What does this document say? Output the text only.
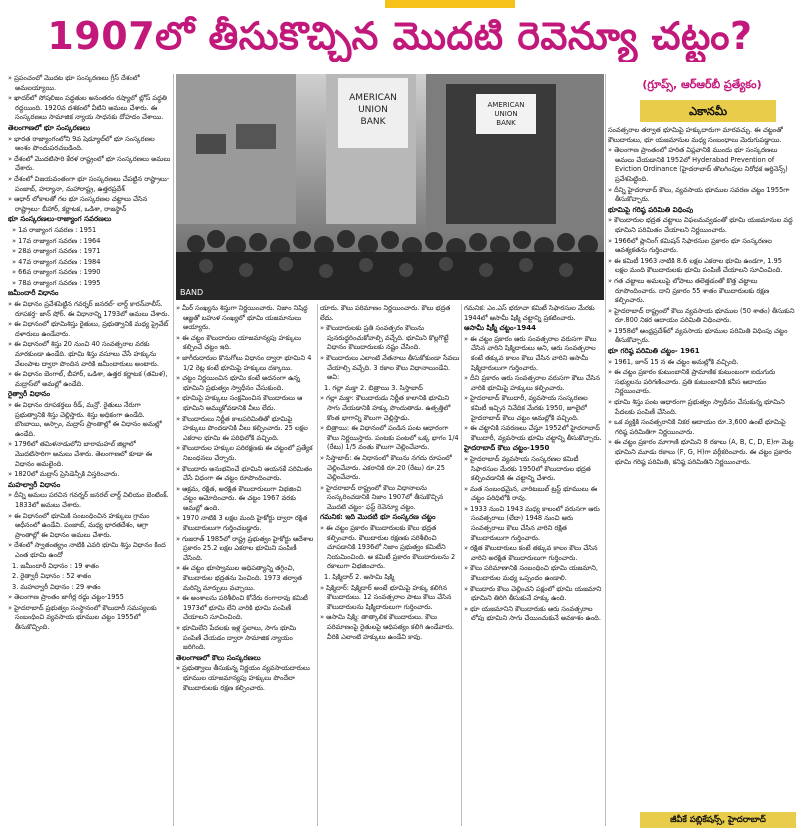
1907లో తీసుకొచ్చిన మొదటి రెవెన్యూ చట్టం?

» ప్రపంచంలో మొదట భూ సంస్కరణలు గ్రీస్ దేశంలో అమలయ్యాయి.

» ఖాదర్‌లో సోషలిజం పద్ధతుల అనంతరం రష్యాలో బ్లోస్ పద్ధతి రద్దయింది. 1920వ దశకంలో వీటిని అమలు చేశారు. ఈ సంస్కరణలు సామాజిక న్యాయ సాధనకు దోహదం చేశాయి.

తెలంగాణలో భూ సంస్కరణలు

» భారత రాజ్యాంగంలోని 9వ షెడ్యూల్‌లో భూ సంస్కరణల అంశం పొందుపరచబడింది.

» దేశంలో మొదటిసారి కేరళ రాష్ట్రంలో భూ సంస్కరణలు అమలు చేశారు.

» దేశంలో విజయవంతంగా భూ సంస్కరణలు చేపట్టిన రాష్ట్రాలు- పంజాబ్, హర్యానా, మహారాష్ట్ర, ఉత్తరప్రదేశ్

» ఆధార్ లోకాలతో గల భూ సంస్కరణల చట్టాలు చేసిన రాష్ట్రాలు- బీహార్, కర్ణాటక, ఒడిశా, రాజస్థాన్

భూ సంస్కరణలు-రాజ్యాంగ సవరణలు

» 1వ రాజ్యాంగ సవరణ : 1951

» 17వ రాజ్యాంగ సవరణ : 1964

» 28వ రాజ్యాంగ సవరణ : 1971

» 47వ రాజ్యాంగ సవరణ : 1984

» 66వ రాజ్యాంగ సవరణ : 1990

» 78వ రాజ్యాంగ సవరణ : 1995

జమీందారీ విధానం

» ఈ విధానం ప్రవేశపెట్టిన గవర్నర్ జనరల్- లార్డ్ కారన్‌వాలీస్. రూపకర్త- జాన్ షోర్. ఈ విధానాన్ని 1793లో అమలు చేశారు.

» ఈ విధానంలో భూమిశిస్తు రైతులు, ప్రభుత్వానికి మధ్య ప్రైవేట్ దళారులు ఉండేవారు.

» ఈ విధానంలో శిస్తు 20 నుంచి 40 సంవత్సరాల వరకు మారకుండా ఉండేది. భూమి శిస్తు వసూలు చేసే హక్కును వేలంపాట ద్వారా పొందిన వారికి జమీందారులు అంటారు.

» ఈ విధానం బెంగాల్, బీహార్, ఒడిశా, ఉత్తర కర్ణాటక (తమిళ), మద్రాస్‌లో అమల్లో ఉండేది.

రైత్వారీ విధానం

» ఈ విధానం రూపకర్తలు రీడ్, మన్రో. రైతులు నేరుగా ప్రభుత్వానికి శిస్తు చెల్లిస్తారు. శిస్తు అధికంగా ఉండేది. బొంబాయి, అస్సాం, మద్రాస్ ప్రాంతాల్లో ఈ విధానం అమల్లో ఉండేది.

» 1796లో తమిళనాడులోని బారామహల్ జిల్లాలో మొదటిసారిగా అమలు చేశారు. తెలంగాణలో కూడా ఈ విధానం అమలైంది.

» 1820లో మద్రాస్ ప్రెసిడెన్సీకి విస్తరించారు.

మహల్వారీ విధానం

» దీన్ని అమలు పరచిన గవర్నర్ జనరల్ లార్డ్ విలియం బెంటింక్. 1833లో అమలు చేశారు.

» ఈ విధానంలో భూమికి సంబంధించిన హక్కులు గ్రామం అధీనంలో ఉండేవి. పంజాబ్, మధ్య భారతదేశం, ఆగ్రా ప్రాంతాల్లో ఈ విధానం అమలు చేశారు.

» దేశంలో స్వాతంత్య్రం నాటికి ఎవరి భూమి శిస్తు విధానం కింద ఎంత భూమి ఉందో

1. జమీందారీ విధానం : 19 శాతం

2. రైత్వారీ విధానం : 52 శాతం

3. మహల్వారీ విధానం : 29 శాతం

» తెలంగాణ ప్రాంతం జాగీర్ల రద్దు చట్టం-1955

» హైదరాబాద్ ప్రభుత్వం సంస్థానంలో కౌలుదారీ సమస్యలకు సంబంధించి వ్యవసాయ భూముల చట్టం 1955లో తీసుకొచ్చింది.

» మీర్ సంఖ్యను శిస్తుగా నిర్ణయించారు. నిజాం నిషిద్ధ ఆజ్ఞతో బహుళ సంఖ్యలో భూమి యజమానులు అయ్యారు.

» ఈ చట్టం కౌలుదారుల యాజమాన్యపు హక్కులు కల్పించే చట్టం ఇది.

» జాగీరుదారుల కొనుగోలు విధానం ద్వారా భూమిని 4 1/2 రెట్ల కంటే భూమిపై హక్కులు దక్కాయి.

» చట్టం నిర్ణయించిన భూమి కంటే అదనంగా ఉన్న భూమిని ప్రభుత్వం స్వాధీనం చేసుకుంది.

» భూమిపై హక్కులు సంక్రమించిన కౌలుదారులు ఆ భూమిని అమ్ముకోవడానికి వీలు లేదు.

» కౌలుదారులు నిర్ణీత కాలపరిమితితో భూమిపై హక్కులు పొందడానికి వీలు కల్పించారు. 25 లక్షల ఎకరాల భూమి ఈ పరిధిలోకి వచ్చింది.

» కౌలుదారుల హక్కుల పరిరక్షణకు ఈ చట్టంలో ప్రత్యేక నిబంధనలు చేర్చారు.

» కౌలుదారు అనుభవించే భూమిని ఆయనకే పరిమితం చేసే విధంగా ఈ చట్టం రూపొందించారు.

» ఆక్రమ, రక్షిత, అరక్షిత కౌలుదారులుగా విభజించి చట్టం ఆమోదించారు. ఈ చట్టం 1967 వరకు అమల్లో ఉంది.

» 1970 నాటికి 3 లక్షల మంది హైకోర్టు ద్వారా రక్షిత కౌలుదారులుగా గుర్తించబడ్డారు.

» గుజరాత్ 1985లో రాష్ట్ర ప్రభుత్వం హైకోర్టు ఆదేశాల ప్రకారం 25.2 లక్షల ఎకరాల భూమిని పంపిణీ చేసింది.

» ఈ చట్టం భూస్వాముల ఆధిపత్యాన్ని తగ్గించి, కౌలుదారుల భద్రతను పెంచింది. 1973 తర్వాత మరిన్ని మార్పులు వచ్చాయి.

» ఈ అంశాలను పరిశీలించి కోనేరు రంగారావు కమిటీ 1973లో భూమి లేని వారికి భూమి పంపిణీ చేయాలని సూచించింది.

» భూమిలేని పేదలకు ఇళ్ల స్థలాలు, సాగు భూమి పంపిణీ చేయడం ద్వారా సామాజిక న్యాయం జరిగింది.

తెలంగాణలో కౌలు సంస్కరణలు

» ప్రభుత్వాలు తీసుకున్న నిర్ణయం వ్యవసాయదారులు భూముల యాజమాన్యపు హక్కులు పొందేలా కౌలుదారులకు రక్షణ కల్పించారు.

యారు. కౌలు పరిమాణం నిర్ణయించారు. కౌలు భద్రత లేదు.

» కౌలుదారులకు ప్రతి సంవత్సరం కౌలును పునరుద్ధరించుకోవాల్సి వచ్చేది. భూమిని కొల్లగొట్టే విధానం కౌలుదారులకు నష్టం చేసింది.

» కౌలుదారులు ఎలాంటి వేతనాలు తీసుకోకుండా సేవలు చేయాల్సి వచ్చేది. 3 రకాల కౌలు విధానాలుండేవి. అవి:

1. గల్లా మక్తా 2. బిత్రాయి 3. సిస్తాబాద్

» గల్లా మక్తా: కౌలుదారుడు నిర్ణీత కాలానికి భూమిని సాగు చేయడానికి హక్కు పొందుతాడు. ఉత్పత్తిలో కొంత భాగాన్ని కౌలుగా చెల్లిస్తాడు.

» బిత్రాయి: ఈ విధానంలో పండిన పంట ఆధారంగా కౌలు నిర్ణయిస్తారు. పంటకు పంటలో ఒక్క భాగం 1/4 (రేటు) 1/5 వంతు కౌలుగా చెల్లించేవారు.

» సిస్తాబాద్: ఈ విధానంలో కౌలును నగదు రూపంలో చెల్లించేవారు. ఎకరానికి రూ.20 (రేటు) రూ.25 చెల్లించేవారు.

» హైదరాబాద్ రాష్ట్రంలో కౌలు విధానాలను సంస్కరించడానికి నిజాం 1907లో తీసుకొచ్చిన మొదటి చట్టం- ఫస్ట్ రెవెన్యూ చట్టం.

గమనిక: ఇది మొదటి భూ సంస్కరణ చట్టం

» ఈ చట్టం ప్రకారం కౌలుదారులకు కౌలు భద్రత కల్పించారు. కౌలుదారుల రక్షణకు పరిశీలించి చూపడానికి 1936లో నిజాం ప్రభుత్వం కమిటీని నియమించింది. ఆ కమిటీ ప్రకారం కౌలుదారులను 2 రకాలుగా విభజించారు.

1. షిక్మిదార్ 2. ఆసామి షిక్మి

» షిక్మిదార్: షిక్మిదార్ అంటే భూమిపై హక్కు కలిగిన కౌలుదారులు. 12 సంవత్సరాల పాటు కౌలు చేసిన కౌలుదారులను షిక్మిదారులుగా గుర్తించారు.

» ఆసామి షిక్మి: తాత్కాలిక కౌలుదారులు. కౌలు పరిమాణంపై రైతులపై ఆధిపత్యం కలిగి ఉండేవారు. వీరికి ఎలాంటి హక్కులు ఉండేవి కావు.

గమనిక: ఎం.ఎస్ భరూచా కమిటీ సిఫారసుల మేరకు 1944లో ఆసామీ షిక్మి చట్టాన్ని ప్రకటించారు.

ఆసామీ షిక్మీ చట్టం-1944

» ఈ చట్టం ప్రకారం ఆరు సంవత్సరాల వరుసగా కౌలు చేసిన వారిని షిక్మిదారులు అని, ఆరు సంవత్సరాల కంటే తక్కువ కాలం కౌలు చేసిన వారిని ఆసామీ షిక్మిదారులుగా గుర్తించారు.

» దీని ప్రకారం ఆరు సంవత్సరాల వరుసగా కౌలు చేసిన వారికి భూమిపై హక్కులు కల్పించారు.

» హైదరాబాద్ కౌలుదారీ, వ్యవసాయ సంస్కరణల కమిటీ ఇచ్చిన నివేదిక మేరకు 1950, జూలైలో హైదరాబాద్ కౌలు చట్టం అమల్లోకి వచ్చింది.

» ఈ చట్టానికి సవరణలు చేస్తూ 1952లో హైదరాబాద్ కౌలుదారీ, వ్యవసాయ భూమి చట్టాన్ని తీసుకొచ్చారు.

హైదరాబాద్ కౌలు చట్టం-1950

» హైదరాబాద్ వ్యవసాయ సంస్కరణల కమిటీ సిఫారసుల మేరకు 1950లో కౌలుదారుల భద్రత కల్పించడానికి ఈ చట్టాన్ని చేశారు.

» మత సంబంధమైన, చారిటబుల్ ట్రస్ట్ భూములు ఈ చట్టం పరిధిలోకి రావు.

» 1933 నుంచి 1943 మధ్య కాలంలో వరుసగా ఆరు సంవత్సరాలు (లేదా) 1948 నుంచి ఆరు సంవత్సరాలు కౌలు చేసిన వారిని రక్షిత కౌలుదారులుగా గుర్తించారు.

» రక్షిత కౌలుదారులు కంటే తక్కువ కాలం కౌలు చేసిన వారిని అరక్షిత కౌలుదారులుగా గుర్తించారు.

» కౌలు పరిమాణానికి సంబంధించి భూమి యజమాని, కౌలుదారుల మధ్య ఒప్పందం ఉండాలి.

» కౌలుదారు కౌలు చెల్లించని పక్షంలో భూమి యజమాని భూమిని తిరిగి తీసుకునే హక్కు ఉంది.

» భూ యజమానిని కౌలుదారుకు ఆరు సంవత్సరాల లోపు భూమిని సాగు చేయించుకునే అవకాశం ఉంది.

సంవత్సరాల తర్వాత భూమిపై హక్కుదారుగా మారవచ్చు. ఈ చట్టంతో కౌలుదారులు, భూ యజమానుల మధ్య సంబంధాలు మెరుగుపడ్డాయి.

» తెలంగాణ ప్రాంతంలో హరిత విప్లవానికి ముందు భూ సంస్కరణలు అమలు చేయడానికి 1952లో Hyderabad Prevention of Eviction Ordinance (హైదరాబాద్ తొలగింపుల నిరోధక ఆర్డినెన్స్) ప్రవేశపెట్టింది.

» దీన్ని హైదరాబాద్ కౌలు, వ్యవసాయ భూముల సవరణ చట్టం 1955గా తీసుకొచ్చారు.

భూమిపై గరిష్ఠ పరిమితి విధింపు

» కౌలుదారుల భద్రత చట్టాలు విఫలమవ్వడంతో భూమి యజమానుల వద్ద భూమిని పరిమితం చేయాలని నిర్ణయించారు.

» 1966లో ప్లానింగ్ కమిషన్ సిఫారసుల ప్రకారం భూ సంస్కరణల ఆవశ్యకతను గుర్తించారు.

» ఈ కమిటీ 1963 నాటికి 8.6 లక్షల ఎకరాల భూమి ఉండగా, 1.95 లక్షల మంది కౌలుదారులకు భూమి పంపిణీ చేయాలని సూచించింది.

» గత చట్టాలు అమలుపై లోపాలు తలెత్తడంతో కొత్త చట్టాలు రూపొందించారు. దాని ప్రకారం 55 శాతం కౌలుదారులకు రక్షణ కల్పించారు.

» హైదరాబాద్ రాష్ట్రంలో కౌలు వ్యవసాయ భూముల (50 శాతం) తీసుకుని రూ.800 నికర ఆదాయం పరిమితి విధించారు.

» 1958లో ఆంధ్రప్రదేశ్‌లో వ్యవసాయ భూముల పరిమితి విధింపు చట్టం తీసుకొచ్చారు.

భూ గరిష్ఠ పరిమితి చట్టం- 1961

» 1961, జూన్ 15 న ఈ చట్టం అమల్లోకి వచ్చింది.

» ఈ చట్టం ప్రకారం కుటుంబానికి ప్రామాణిక కుటుంబంగా ఐదుగురు సభ్యులను పరిగణించారు. ప్రతి కుటుంబానికి కనీస ఆదాయం నిర్ణయించారు.

» భూమి శిస్తు పంట ఆధారంగా ప్రభుత్వం స్వాధీనం చేసుకున్న భూమిని పేదలకు పంపిణీ చేసింది.

» ఒక వ్యక్తికి సంవత్సరానికి నికర ఆదాయం రూ.3,600 ఉంటే భూమిపై గరిష్ఠ పరిమితిగా నిర్ణయించారు.

» ఈ చట్టం ప్రకారం మాగాణి భూమిని 8 రకాలు (A, B, C, D, E)గా మెట్ట భూమిని మూడు రకాలు (F, G, H)గా వర్గీకరించారు. ఈ చట్టం ప్రకారం భూమి గరిష్ఠ పరిమితి, కనిష్ఠ పరిమితిని నిర్ణయించారు.

AMERICAN UNION BANK
AMERICAN UNION BANK
BAND
(గ్రూప్స్, ఆర్‌ఆర్‌బీ ప్రత్యేకం)
ఎకానమీ
జీవీకే పబ్లికేషన్స్, హైదరాబాద్
